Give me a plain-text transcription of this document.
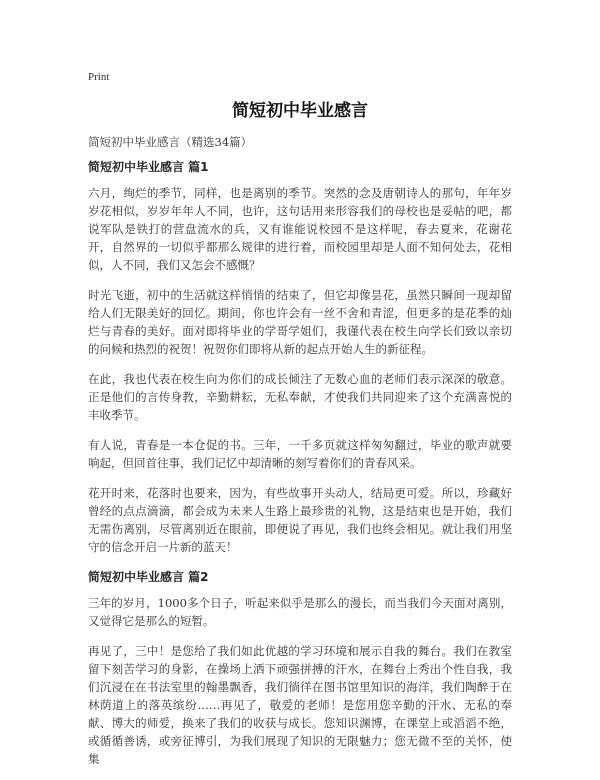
Print
简短初中毕业感言
简短初中毕业感言（精选34篇）
简短初中毕业感言 篇1

六月，绚烂的季节，同样，也是离别的季节。突然的念及唐朝诗人的那句，年年岁岁花相似，岁岁年年人不同，也许，这句话用来形容我们的母校也是妥帖的吧，都说军队是铁打的营盘流水的兵，又有谁能说校园不是这样呢，春去夏来，花谢花开，自然界的一切似乎都那么规律的进行着，而校园里却是人面不知何处去，花相似，人不同，我们又怎会不感慨？

时光飞逝，初中的生活就这样悄悄的结束了，但它却像昙花，虽然只瞬间一现却留给人们无限美好的回忆。期间，你也许会有一丝不舍和青涩，但更多的是花季的灿烂与青春的美好。面对即将毕业的学哥学姐们，我谨代表在校生向学长们致以亲切的问候和热烈的祝贺！祝贺你们即将从新的起点开始人生的新征程。

在此，我也代表在校生向为你们的成长倾注了无数心血的老师们表示深深的敬意。正是他们的言传身教，辛勤耕耘，无私奉献，才使我们共同迎来了这个充满喜悦的丰收季节。

有人说，青春是一本仓促的书。三年，一千多页就这样匆匆翻过，毕业的歌声就要响起，但回首往事，我们记忆中却清晰的刻写着你们的青春风采。

花开时来，花落时也要来，因为，有些故事开头动人，结局更可爱。所以，珍藏好曾经的点点滴滴，都会成为未来人生路上最珍贵的礼物，这是结束也是开始，我们无需伤离别，尽管离别近在眼前，即便说了再见，我们也终会相见。就让我们用坚守的信念开启一片新的蓝天！

简短初中毕业感言 篇2

三年的岁月，1000多个日子，听起来似乎是那么的漫长，而当我们今天面对离别，又觉得它是那么的短暂。

再见了，三中！是您给了我们如此优越的学习环境和展示自我的舞台。我们在教室留下刻苦学习的身影，在操场上洒下顽强拼搏的汗水，在舞台上秀出个性自我，我们沉浸在在书法室里的翰墨飘香，我们徜徉在图书馆里知识的海洋，我们陶醉于在林荫道上的落英缤纷……再见了，敬爱的老师！是您用您辛勤的汗水、无私的奉献、博大的师爱，换来了我们的收获与成长。您知识渊博，在课堂上或滔滔不绝，或循循善诱，或旁征博引，为我们展现了知识的无限魅力；您无微不至的关怀，使集
